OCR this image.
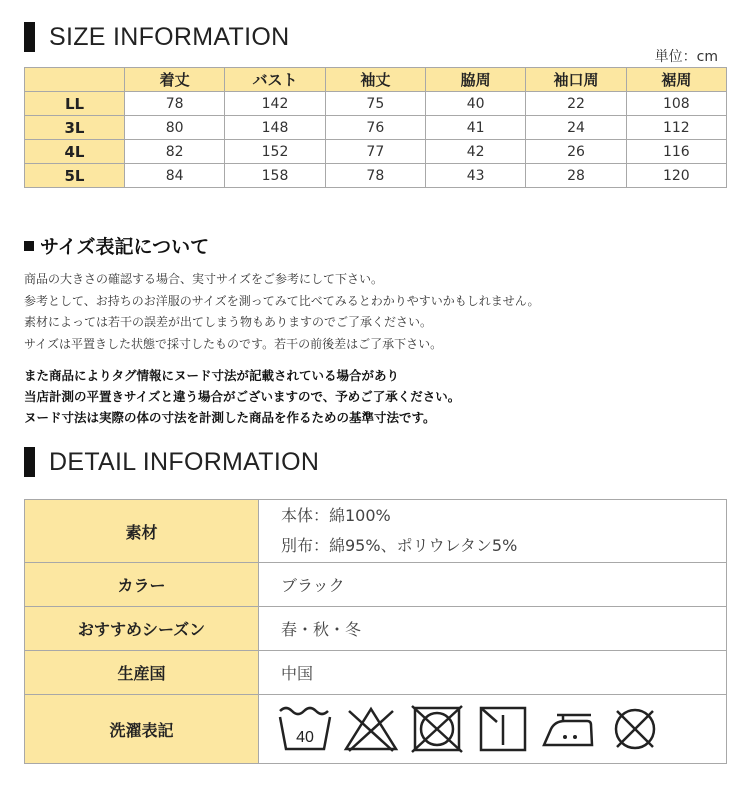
SIZE INFORMATION
単位：cm
	着丈	バスト	袖丈	脇周	袖口周	裾周
LL	78	142	75	40	22	108
3L	80	148	76	41	24	112
4L	82	152	77	42	26	116
5L	84	158	78	43	28	120
サイズ表記について
商品の大きさの確認する場合、実寸サイズをご参考にして下さい。
参考として、お持ちのお洋服のサイズを測ってみて比べてみるとわかりやすいかもしれません。
素材によっては若干の誤差が出てしまう物もありますのでご了承ください。
サイズは平置きした状態で採寸したものです。若干の前後差はご了承下さい。
また商品によりタグ情報にヌード寸法が記載されている場合があり
当店計測の平置きサイズと違う場合がございますので、予めご了承ください。
ヌード寸法は実際の体の寸法を計測した商品を作るための基準寸法です。
DETAIL INFORMATION
素材	本体：綿100%
別布：綿95%、ポリウレタン5%

カラー	ブラック
おすすめシーズン	春・秋・冬
生産国	中国
洗濯表記	40
